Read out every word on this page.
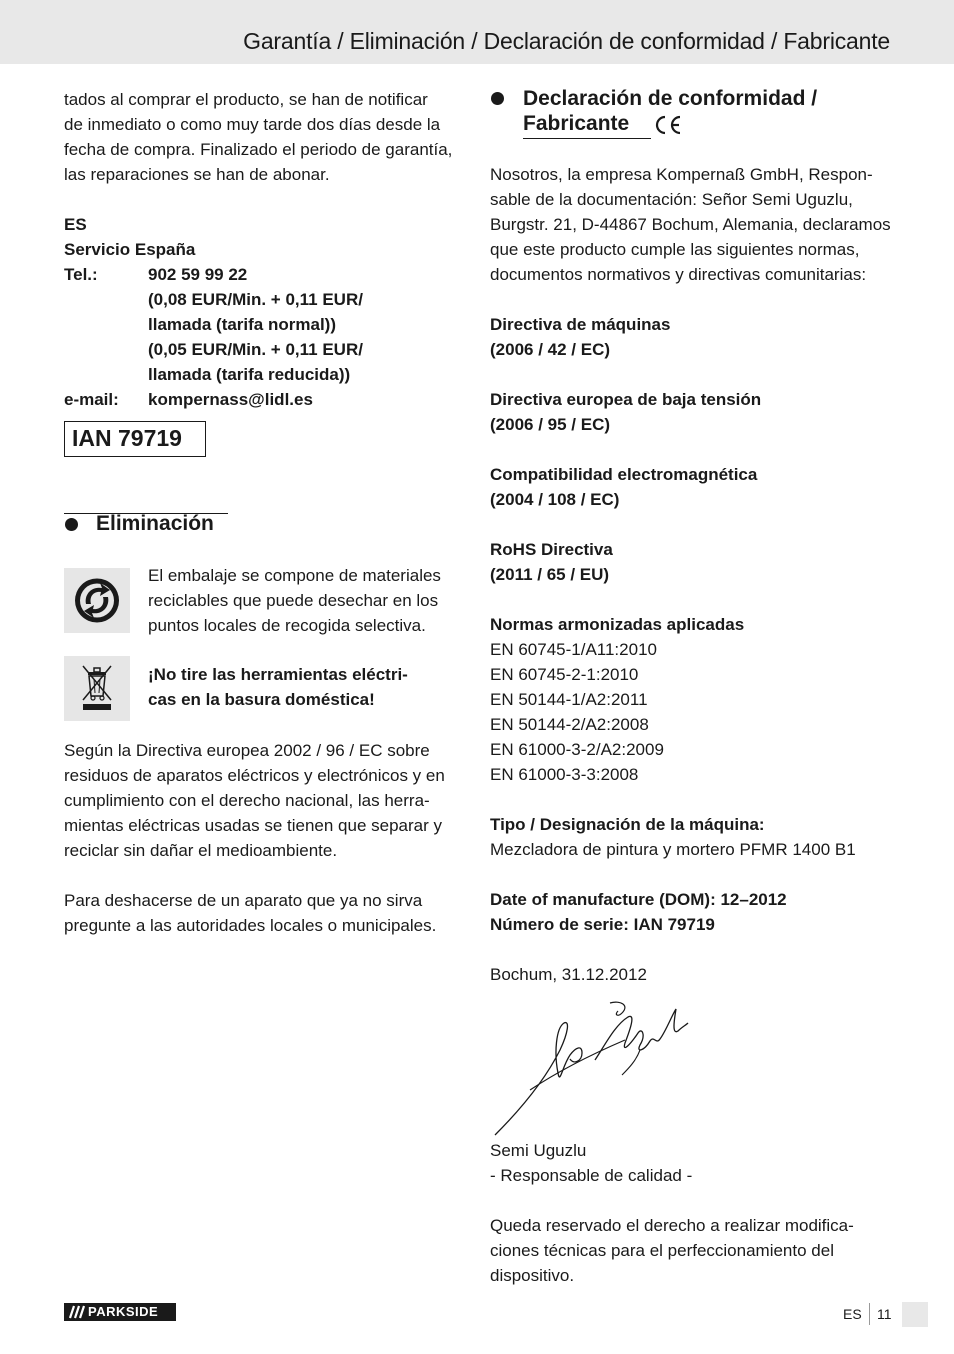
Garantía / Eliminación / Declaración de conformidad / Fabricante
tados al comprar el producto, se han de notificar
de inmediato o como muy tarde dos días desde la
fecha de compra. Finalizado el periodo de garantía,
las reparaciones se han de abonar.
ES
Servicio España
Tel.:	902 59 99 22
(0,08 EUR/Min. + 0,11 EUR/
llamada (tarifa normal))
(0,05 EUR/Min. + 0,11 EUR/
llamada (tarifa reducida))
e-mail: kompernass@lidl.es
IAN 79719
Eliminación
El embalaje se compone de materiales
reciclables que puede desechar en los
puntos locales de recogida selectiva.
¡No tire las herramientas eléctri-
cas en la basura doméstica!
Según la Directiva europea 2002 / 96 / EC sobre
residuos de aparatos eléctricos y electrónicos y en
cumplimiento con el derecho nacional, las herra-
mientas eléctricas usadas se tienen que separar y
reciclar sin dañar el medioambiente.
Para deshacerse de un aparato que ya no sirva
pregunte a las autoridades locales o municipales.
Declaración de conformidad /
Fabricante
Nosotros, la empresa Kompernaß GmbH, Respon-
sable de la documentación: Señor Semi Uguzlu,
Burgstr. 21, D-44867 Bochum, Alemania, declaramos
que este producto cumple las siguientes normas,
documentos normativos y directivas comunitarias:
Directiva de máquinas
(2006 / 42 / EC)
Directiva europea de baja tensión
(2006 / 95 / EC)
Compatibilidad electromagnética
(2004 / 108 / EC)
RoHS Directiva
(2011 / 65 / EU)
Normas armonizadas aplicadas
EN 60745-1/A11:2010
EN 60745-2-1:2010
EN 50144-1/A2:2011
EN 50144-2/A2:2008
EN 61000-3-2/A2:2009
EN 61000-3-3:2008
Tipo / Designación de la máquina:
Mezcladora de pintura y mortero PFMR 1400 B1
Date of manufacture (DOM): 12–2012
Número de serie: IAN 79719
Bochum, 31.12.2012
Semi Uguzlu
- Responsable de calidad -
Queda reservado el derecho a realizar modifica-
ciones técnicas para el perfeccionamiento del
dispositivo.
PARKSIDE	ES 11
